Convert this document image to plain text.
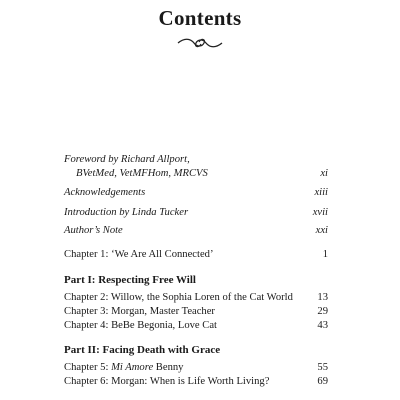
Contents
Foreword by Richard Allport,
BVetMed, VetMFHom, MRCVS	xi
Acknowledgements	xiii
Introduction by Linda Tucker	xvii
Author’s Note	xxi
Chapter 1: ‘We Are All Connected’	1
Part I: Respecting Free Will
Chapter 2: Willow, the Sophia Loren of the Cat World	13
Chapter 3: Morgan, Master Teacher	29
Chapter 4: BeBe Begonia, Love Cat	43
Part II: Facing Death with Grace
Chapter 5: Mi Amore Benny	55
Chapter 6: Morgan: When is Life Worth Living?	69
